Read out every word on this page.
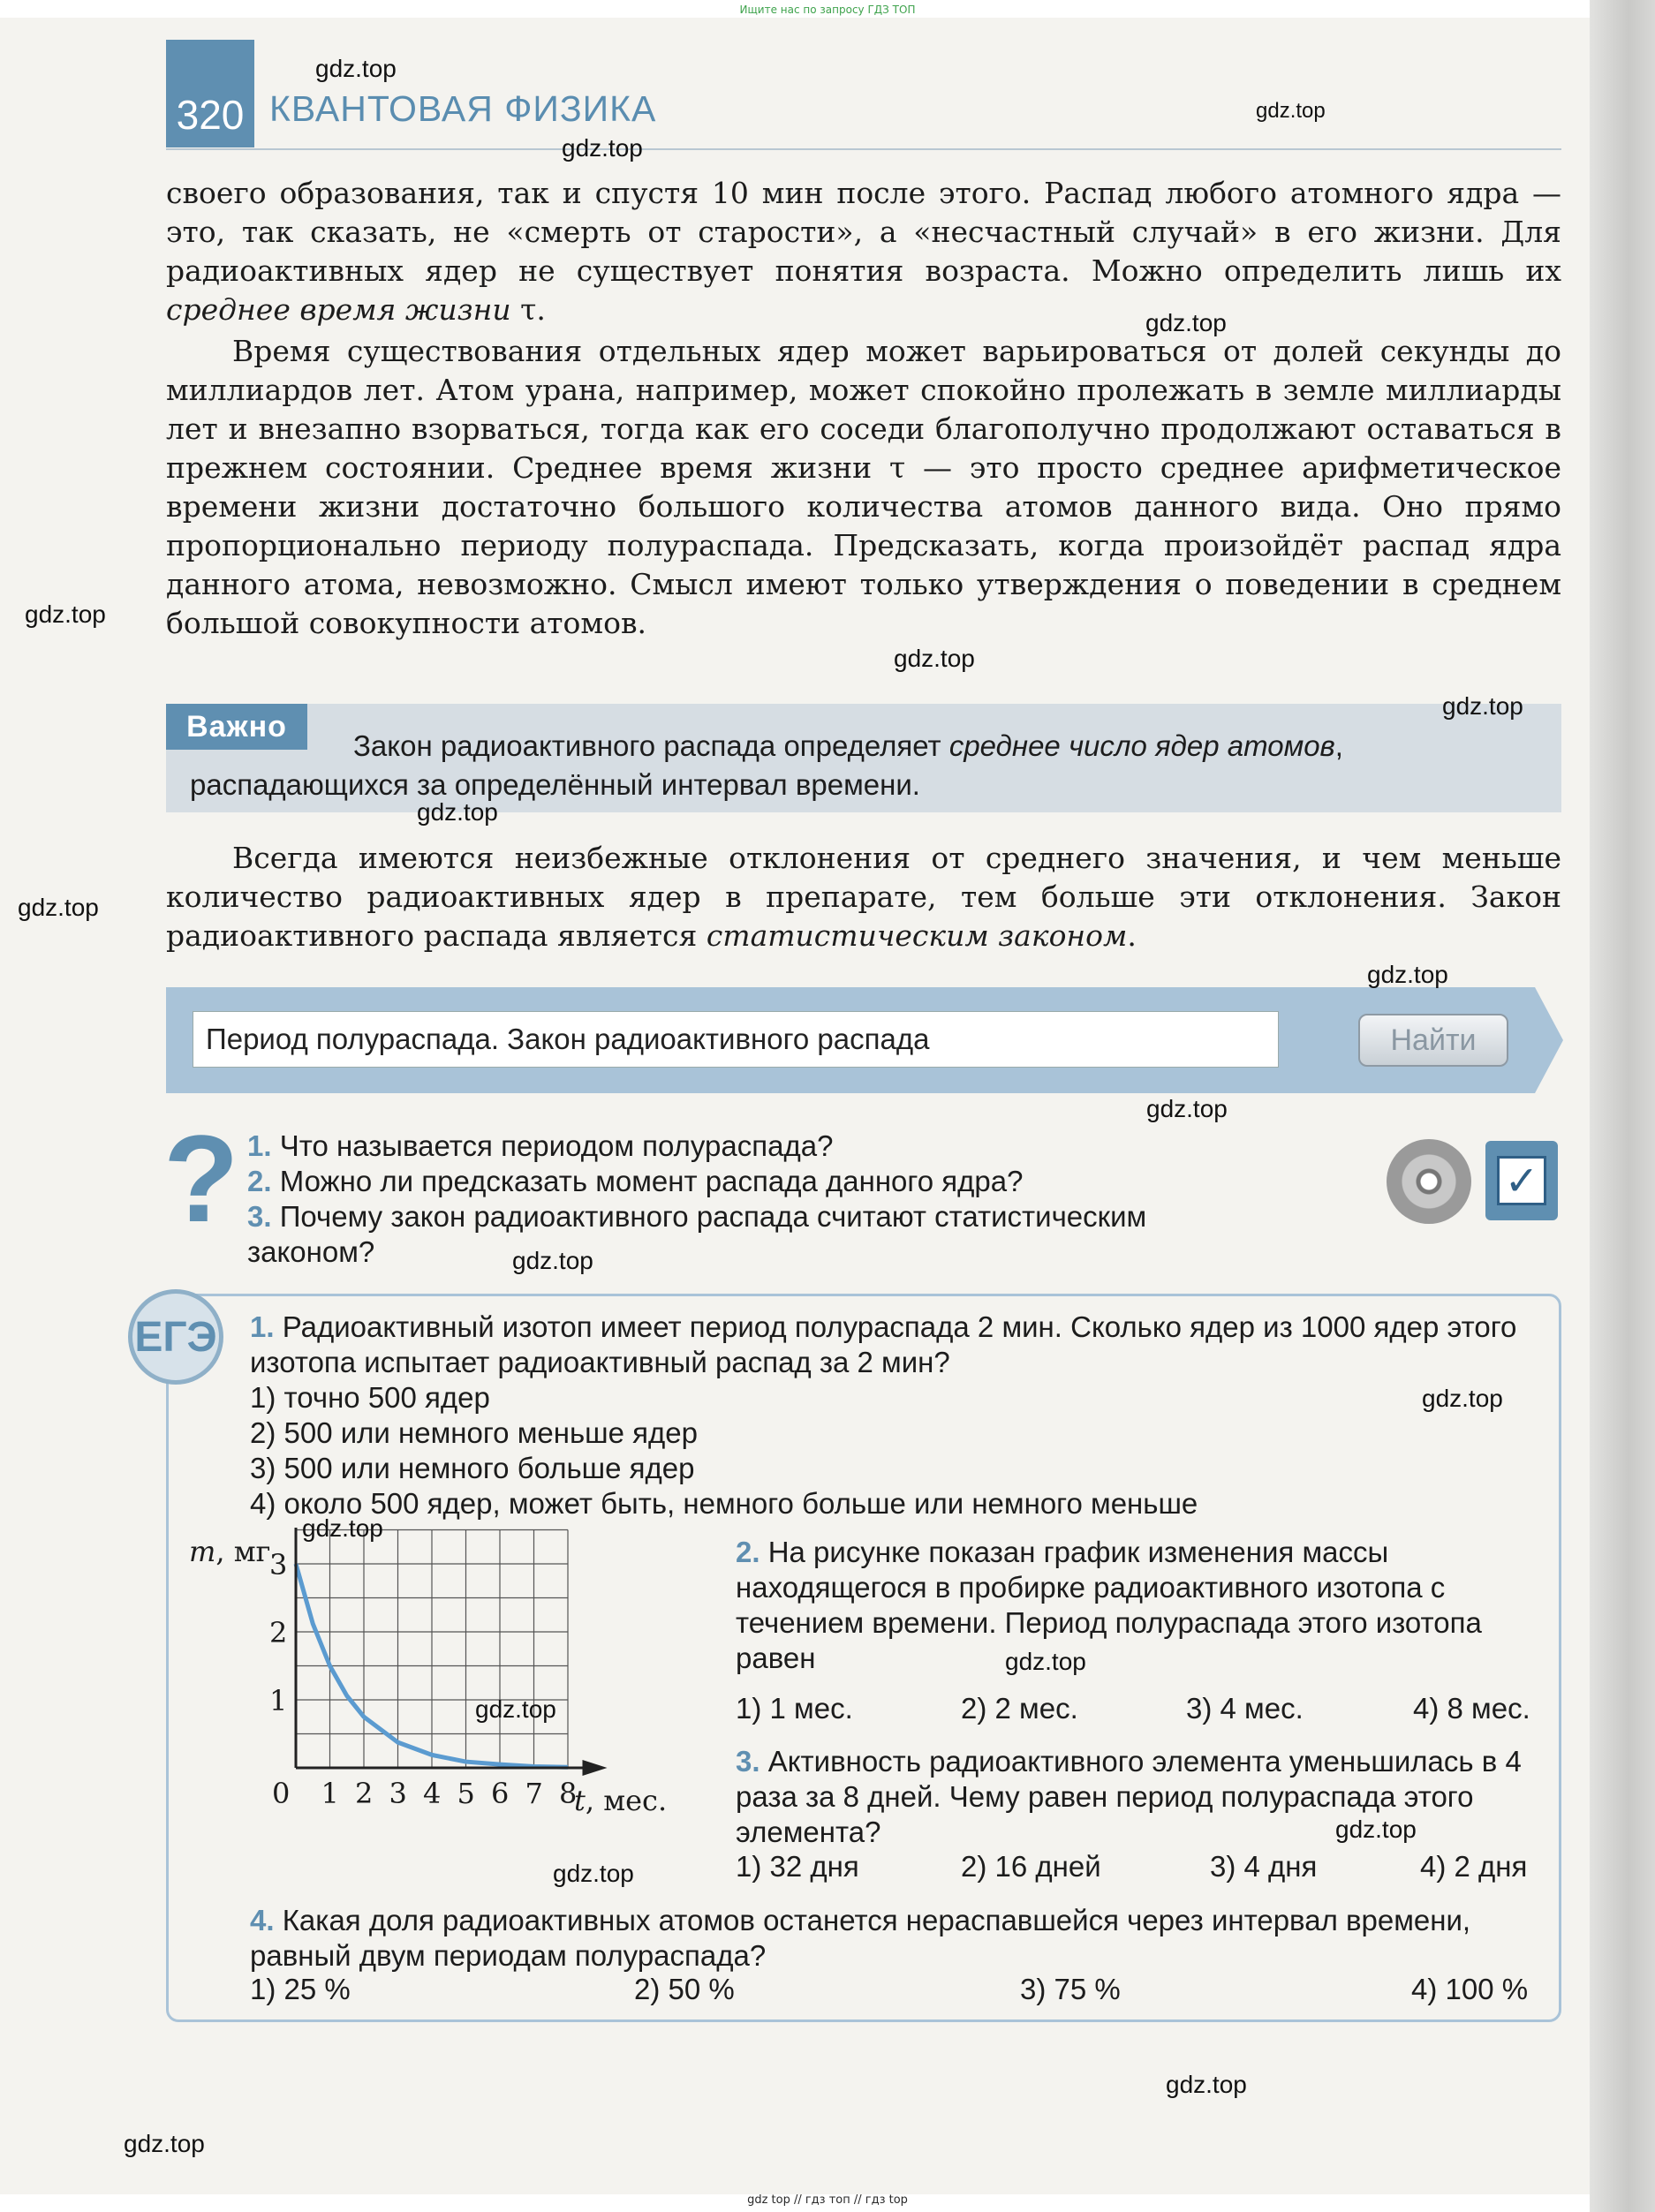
Ищите нас по запросу ГДЗ ТОП
320 КВАНТОВАЯ ФИЗИКА

своего образования, так и спустя 10 мин после этого. Распад любого атомного ядра — это, так сказать, не «смерть от старости», а «несчастный случай» в его жизни. Для радиоактивных ядер не существует понятия возраста. Можно определить лишь их среднее время жизни τ.

Время существования отдельных ядер может варьироваться от долей секунды до миллиардов лет. Атом урана, например, может спокойно пролежать в земле миллиарды лет и внезапно взорваться, тогда как его соседи благополучно продолжают оставаться в прежнем состоянии. Среднее время жизни τ — это просто среднее арифметическое времени жизни достаточно большого количества атомов данного вида. Оно прямо пропорционально периоду полураспада. Предсказать, когда произойдёт распад ядра данного атома, невозможно. Смысл имеют только утверждения о поведении в среднем большой совокупности атомов.

Важно

Закон радиоактивного распада определяет среднее число ядер атомов, распадающихся за определённый интервал времени.

Всегда имеются неизбежные отклонения от среднего значения, и чем меньше количество радиоактивных ядер в препарате, тем больше эти отклонения. Закон радиоактивного распада является статистическим законом.

Период полураспада. Закон радиоактивного распада	Найти
? 1. Что называется периодом полураспада?
2. Можно ли предсказать момент распада данного ядра?
3. Почему закон радиоактивного распада считают статистическим
законом?
✓
ЕГЭ 1. Радиоактивный изотоп имеет период полураспада 2 мин. Сколько ядер из 1000 ядер этого изотопа испытает радиоактивный распад за 2 мин?

1) точно 500 ядер
2) 500 или немного меньше ядер
3) 500 или немного больше ядер
4) около 500 ядер, может быть, немного больше или немного меньше
1 2 3 4 5 6 7 8
1
2
3
m, мг
t, мес.
0

2. На рисунке показан график изменения массы находящегося в пробирке радиоактивного изотопа с течением времени. Период полураспада этого изотопа равен

1) 1 мес.	2) 2 мес.	3) 4 мес.	4) 8 мес.

3. Активность радиоактивного элемента уменьшилась в 4 раза за 8 дней. Чему равен период полураспада этого элемента?

1) 32 дня	2) 16 дней	3) 4 дня	4) 2 дня

4. Какая доля радиоактивных атомов останется нераспавшейся через интервал времени, равный двум периодам полураспада?

1) 25 %	2) 50 %	3) 75 %	4) 100 %
gdz.top
gdz.top
gdz.top
gdz.top
gdz.top
gdz.top
gdz.top
gdz.top
gdz.top
gdz.top
gdz.top
gdz.top
gdz.top
gdz.top
gdz.top
gdz.top
gdz.top
gdz.top
gdz.top
gdz.top
gdz top // гдз топ // гдз top
